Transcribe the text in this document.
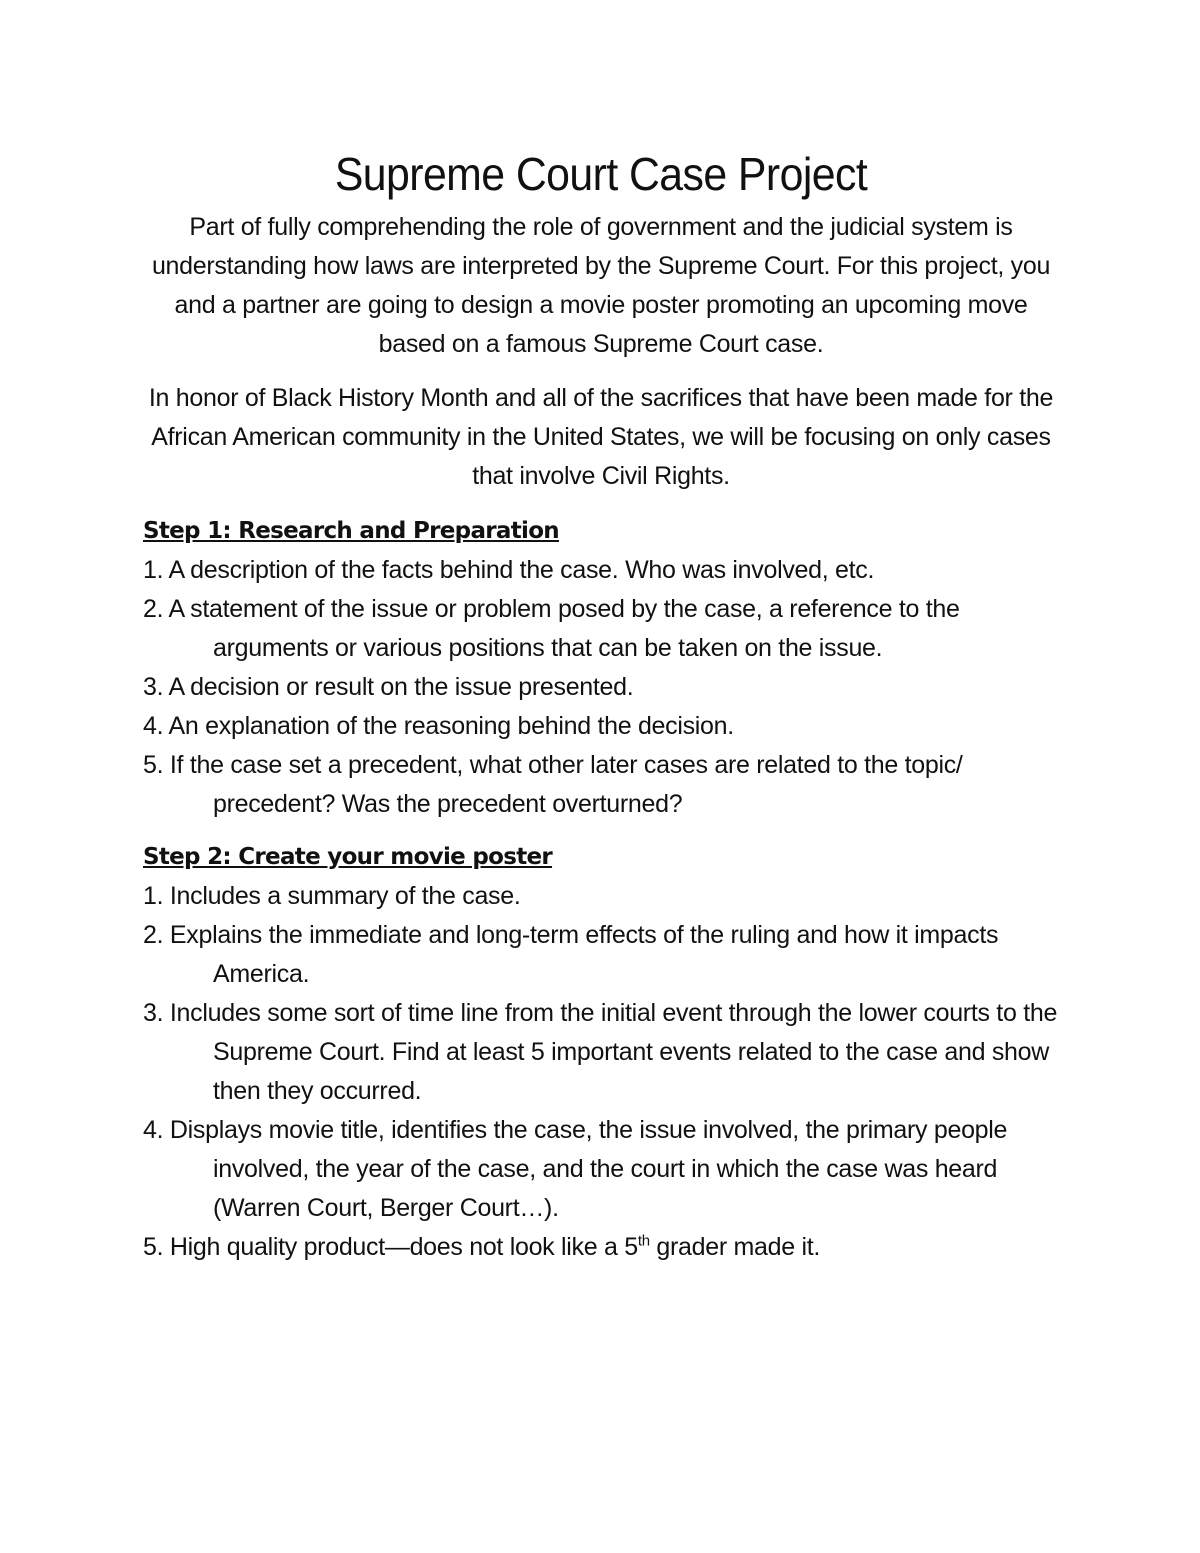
Supreme Court Case Project

Part of fully comprehending the role of government and the judicial system is understanding how laws are interpreted by the Supreme Court. For this project, you and a partner are going to design a movie poster promoting an upcoming move based on a famous Supreme Court case.

In honor of Black History Month and all of the sacrifices that have been made for the African American community in the United States, we will be focusing on only cases that involve Civil Rights.

Step 1: Research and Preparation
1. A description of the facts behind the case. Who was involved, etc.
2. A statement of the issue or problem posed by the case, a reference to the arguments or various positions that can be taken on the issue.
3. A decision or result on the issue presented.
4. An explanation of the reasoning behind the decision.
5. If the case set a precedent, what other later cases are related to the topic/ precedent? Was the precedent overturned?
Step 2: Create your movie poster
1. Includes a summary of the case.
2. Explains the immediate and long-term effects of the ruling and how it impacts America.
3. Includes some sort of time line from the initial event through the lower courts to the Supreme Court. Find at least 5 important events related to the case and show then they occurred.
4. Displays movie title, identifies the case, the issue involved, the primary people involved, the year of the case, and the court in which the case was heard (Warren Court, Berger Court…).
5. High quality product—does not look like a 5th grader made it.
